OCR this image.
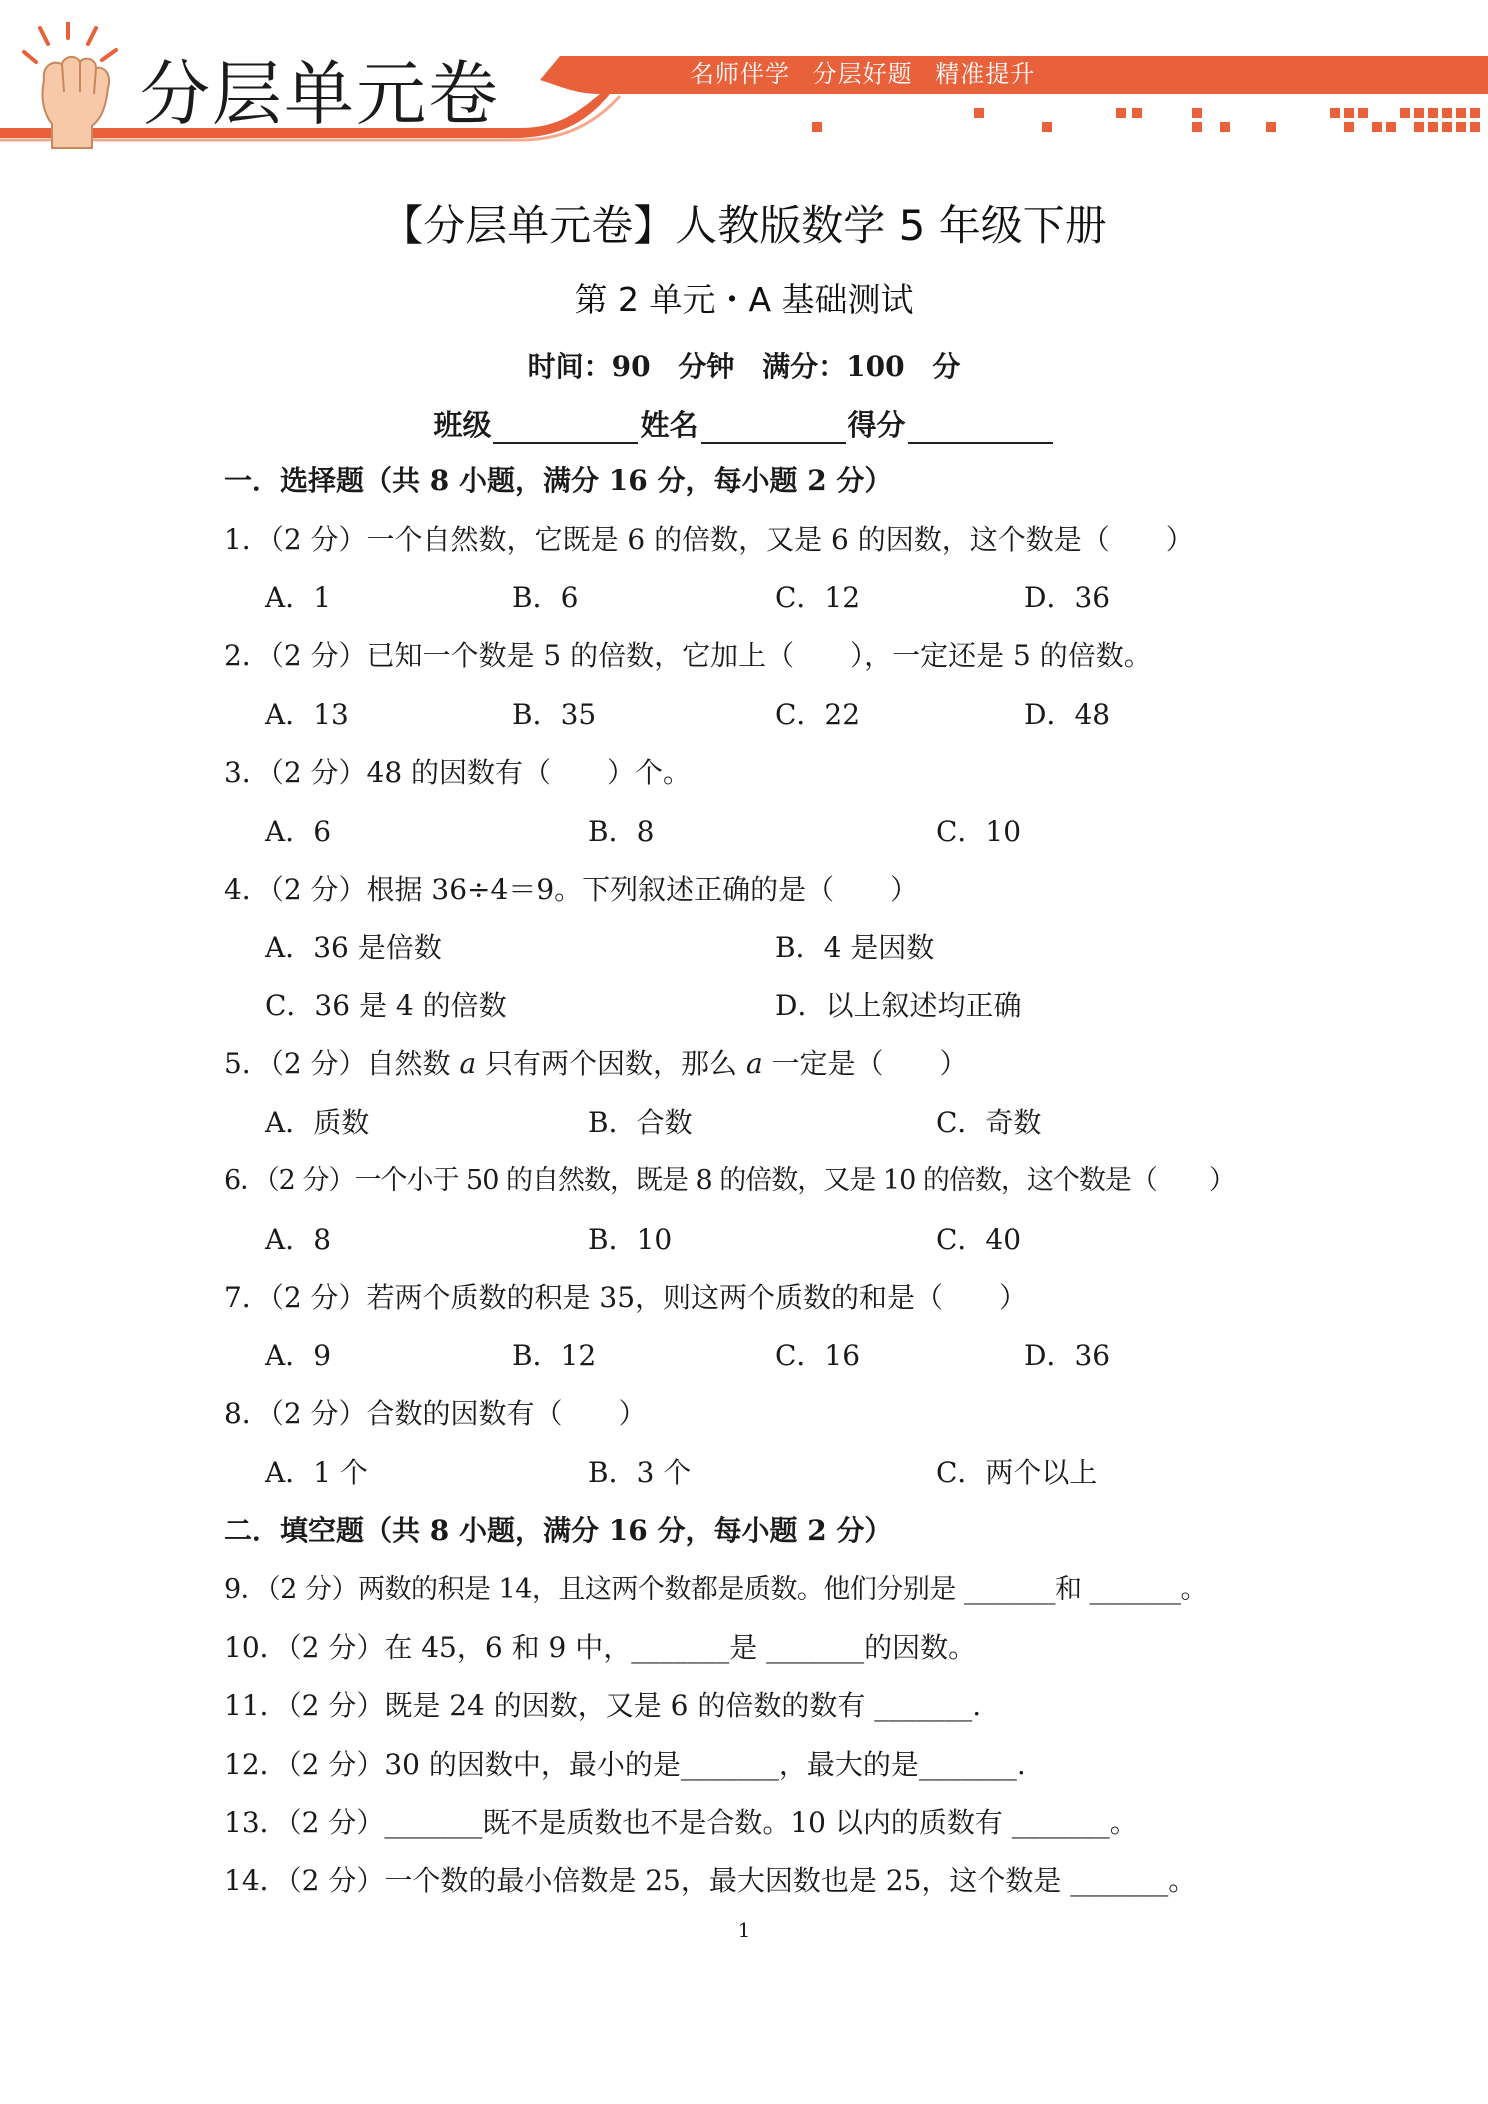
分层单元卷	名师伴学 分层好题 精准提升
【分层单元卷】人教版数学 5 年级下册
第 2 单元・A 基础测试
时间：90 分钟 满分：100 分
班级	姓名	得分
一．选择题（共 8 小题，满分 16 分，每小题 2 分）
1．（2 分）一个自然数，它既是 6 的倍数，又是 6 的因数，这个数是（　　）
A．1	B．6	C．12	D．36
2．（2 分）已知一个数是 5 的倍数，它加上（　　），一定还是 5 的倍数。
A．13	B．35	C．22	D．48
3．（2 分）48 的因数有（　　）个。
A．6	B．8	C．10
4．（2 分）根据 36÷4＝9。下列叙述正确的是（　　）
A．36 是倍数	B．4 是因数
C．36 是 4 的倍数	D．以上叙述均正确
5．（2 分）自然数 a 只有两个因数，那么 a 一定是（　　）
A．质数	B．合数	C．奇数
6．（2 分）一个小于 50 的自然数，既是 8 的倍数，又是 10 的倍数，这个数是（　　）
A．8	B．10	C．40
7．（2 分）若两个质数的积是 35，则这两个质数的和是（　　）
A．9	B．12	C．16	D．36
8．（2 分）合数的因数有（　　）
A．1 个	B．3 个	C．两个以上
二．填空题（共 8 小题，满分 16 分，每小题 2 分）
9．（2 分）两数的积是 14，且这两个数都是质数。他们分别是 _______和 _______。
10．（2 分）在 45，6 和 9 中，_______是 _______的因数。
11．（2 分）既是 24 的因数，又是 6 的倍数的数有 _______.
12．（2 分）30 的因数中，最小的是_______，最大的是_______.
13．（2 分）_______既不是质数也不是合数。10 以内的质数有 _______。
14．（2 分）一个数的最小倍数是 25，最大因数也是 25，这个数是 _______。
1
